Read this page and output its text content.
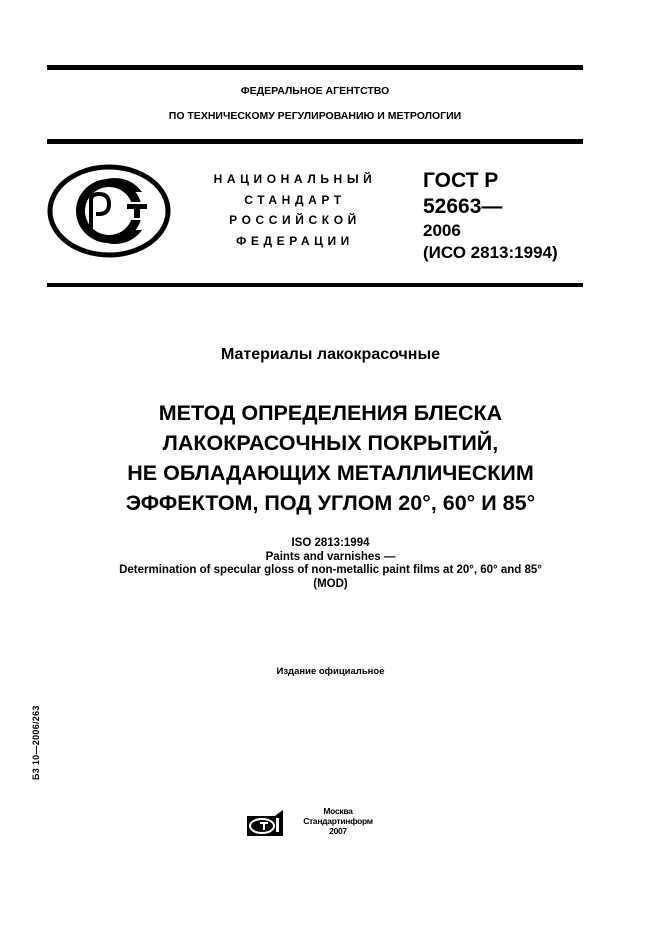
ФЕДЕРАЛЬНОЕ АГЕНТСТВО
ПО ТЕХНИЧЕСКОМУ РЕГУЛИРОВАНИЮ И МЕТРОЛОГИИ
НАЦИОНАЛЬНЫЙ
СТАНДАРТ
РОССИЙСКОЙ
ФЕДЕРАЦИИ
ГОСТ Р
52663—
2006
(ИСО 2813:1994)
Материалы лакокрасочные
МЕТОД ОПРЕДЕЛЕНИЯ БЛЕСКА
ЛАКОКРАСОЧНЫХ ПОКРЫТИЙ,
НЕ ОБЛАДАЮЩИХ МЕТАЛЛИЧЕСКИМ
ЭФФЕКТОМ, ПОД УГЛОМ 20°, 60° И 85°
ISO 2813:1994
Paints and varnishes —
Determination of specular gloss of non-metallic paint films at 20°, 60° and 85°
(MOD)
Издание официальное
Б3 10—2006/263
Москва
Стандартинформ
2007
